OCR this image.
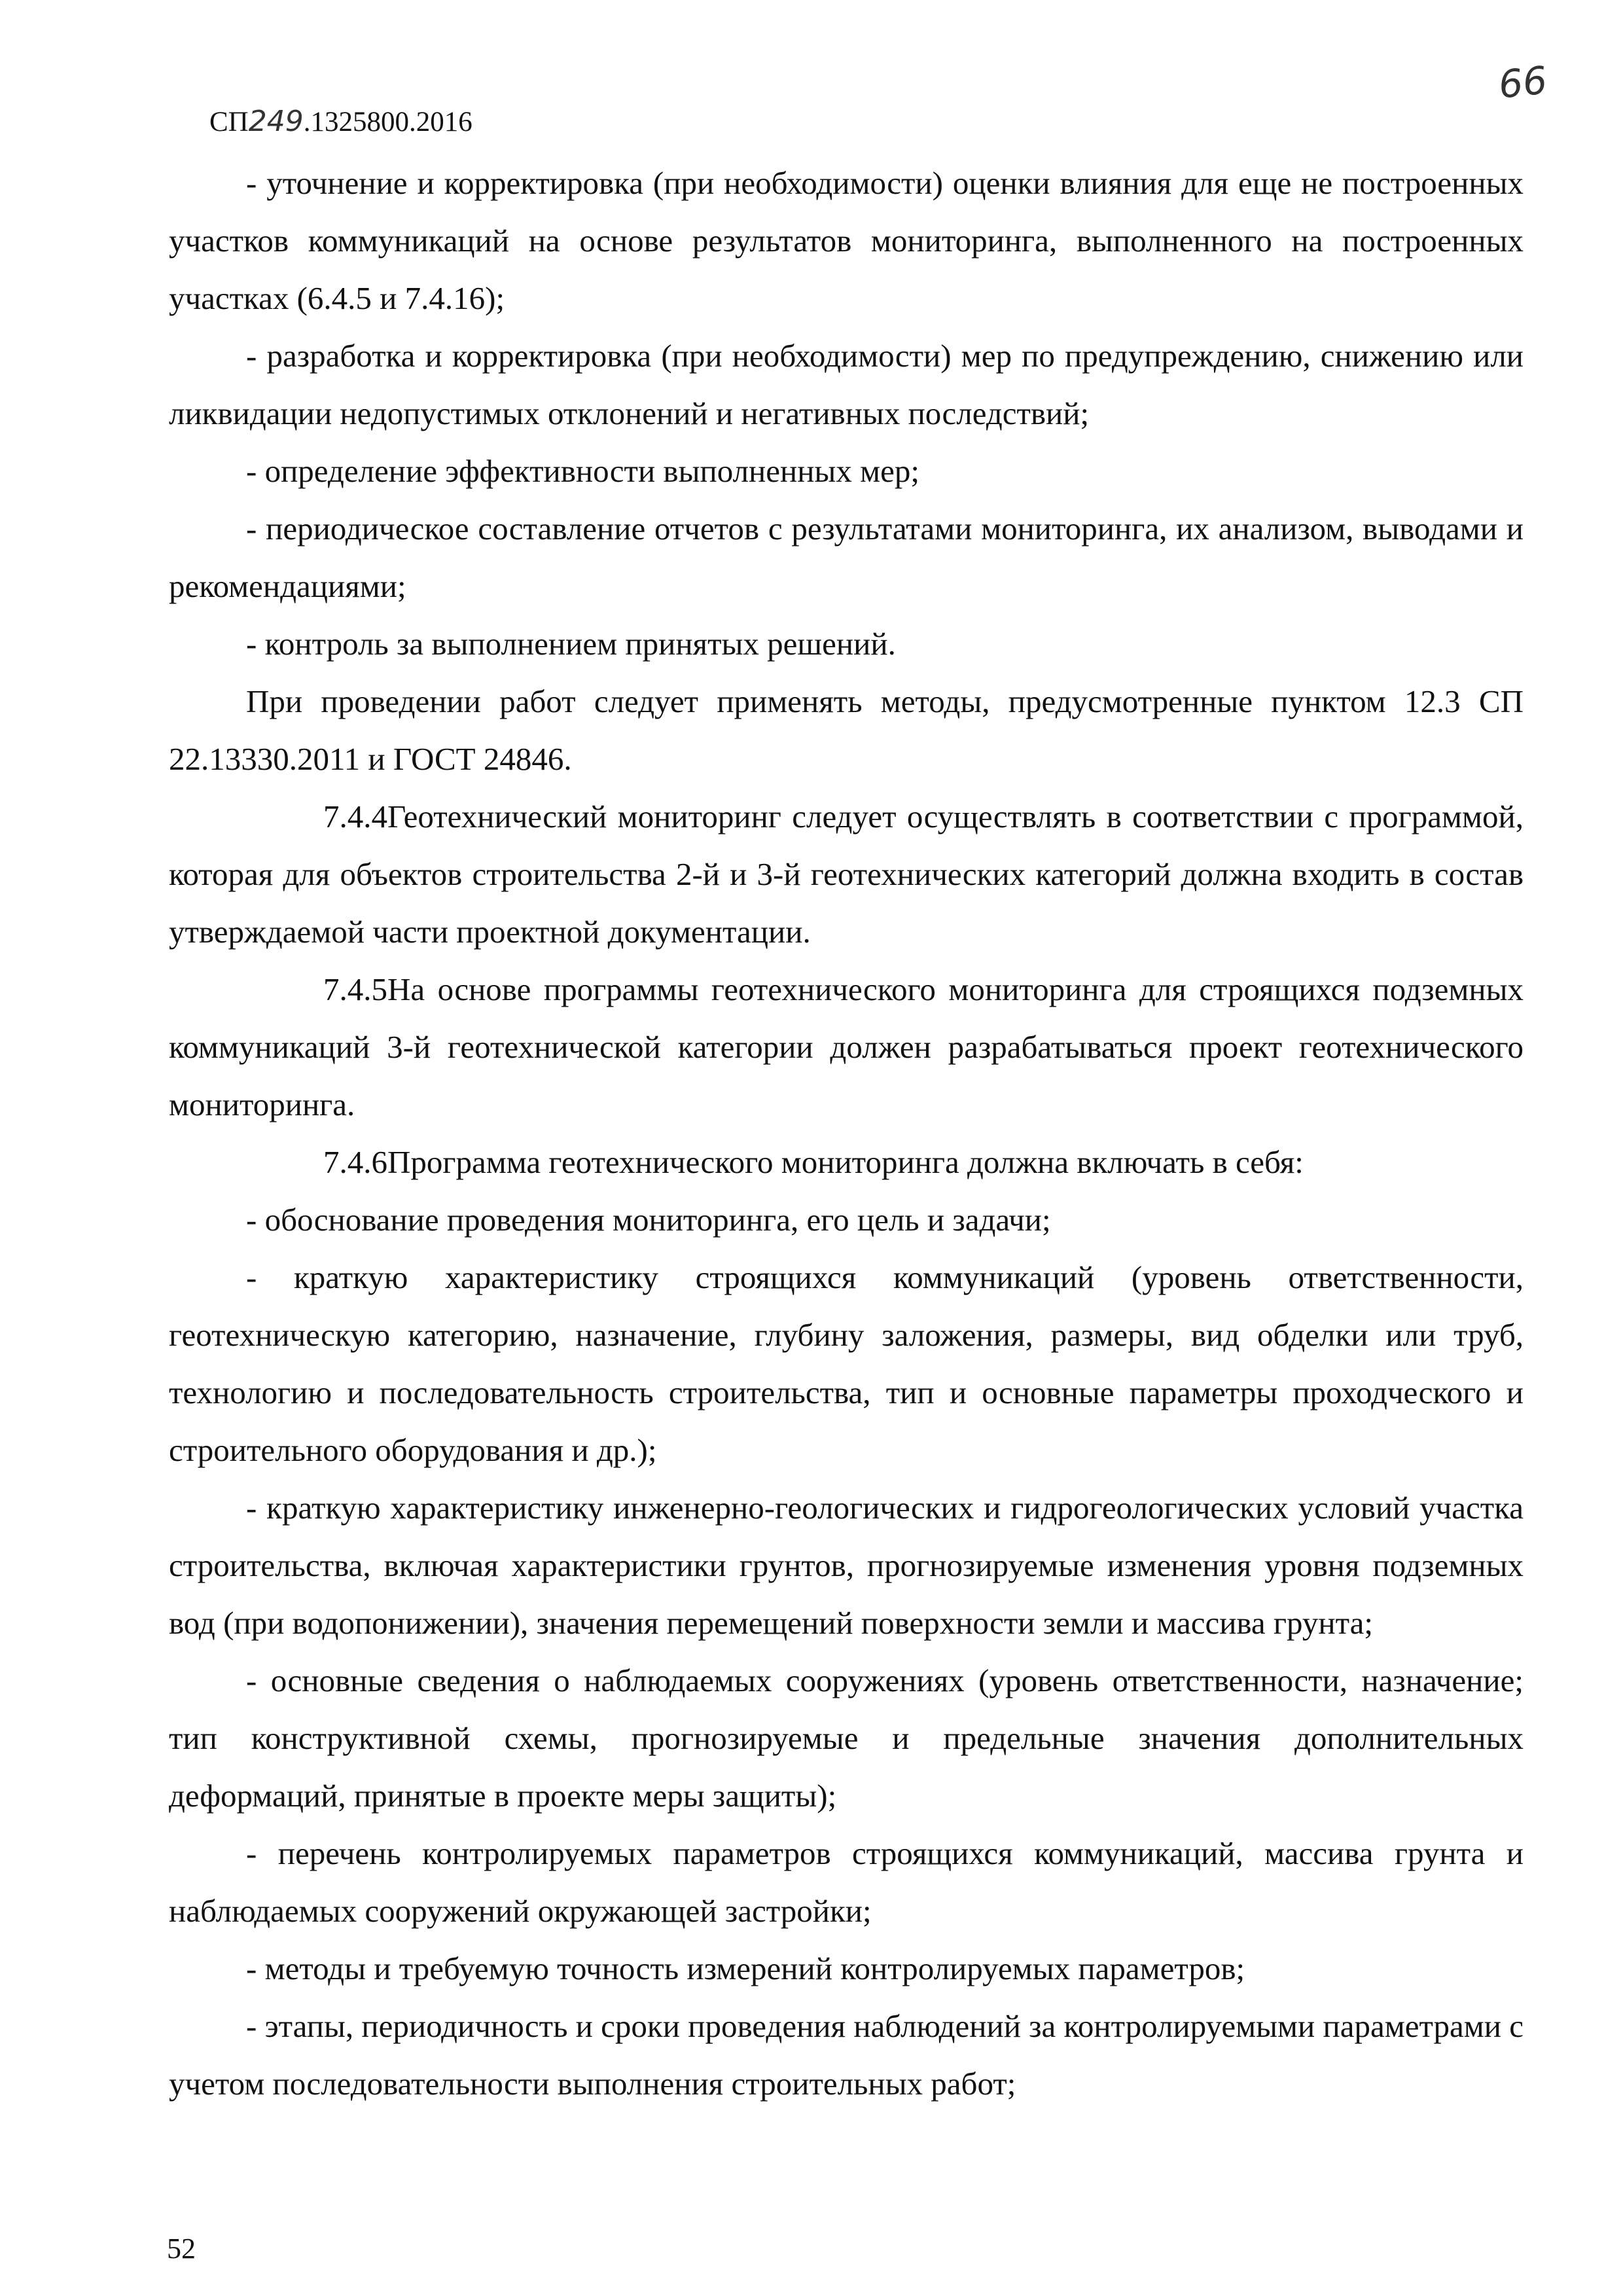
66
СП 249 .1325800.2016

- уточнение и корректировка (при необходимости) оценки влияния для еще не построенных участков коммуникаций на основе результатов мониторинга, выполненного на построенных участках (6.4.5 и 7.4.16);

- разработка и корректировка (при необходимости) мер по предупреждению, снижению или ликвидации недопустимых отклонений и негативных последствий;

- определение эффективности выполненных мер;

- периодическое составление отчетов с результатами мониторинга, их анализом, выводами и рекомендациями;

- контроль за выполнением принятых решений.

При проведении работ следует применять методы, предусмотренные пунктом 12.3 СП 22.13330.2011 и ГОСТ 24846.

7.4.4Геотехнический мониторинг следует осуществлять в соответствии с программой, которая для объектов строительства 2-й и 3-й геотехнических категорий должна входить в состав утверждаемой части проектной документации.

7.4.5На основе программы геотехнического мониторинга для строящихся подземных коммуникаций 3-й геотехнической категории должен разрабатываться проект геотехнического мониторинга.

7.4.6Программа геотехнического мониторинга должна включать в себя:

- обоснование проведения мониторинга, его цель и задачи;

- краткую характеристику строящихся коммуникаций (уровень ответственности, геотехническую категорию, назначение, глубину заложения, размеры, вид обделки или труб, технологию и последовательность строительства, тип и основные параметры проходческого и строительного оборудования и др.);

- краткую характеристику инженерно-геологических и гидрогеологических условий участка строительства, включая характеристики грунтов, прогнозируемые изменения уровня подземных вод (при водопонижении), значения перемещений поверхности земли и массива грунта;

- основные сведения о наблюдаемых сооружениях (уровень ответственности, назначение; тип конструктивной схемы, прогнозируемые и предельные значения дополнительных деформаций, принятые в проекте меры защиты);

- перечень контролируемых параметров строящихся коммуникаций, массива грунта и наблюдаемых сооружений окружающей застройки;

- методы и требуемую точность измерений контролируемых параметров;

- этапы, периодичность и сроки проведения наблюдений за контролируемыми параметрами с учетом последовательности выполнения строительных работ;

52
